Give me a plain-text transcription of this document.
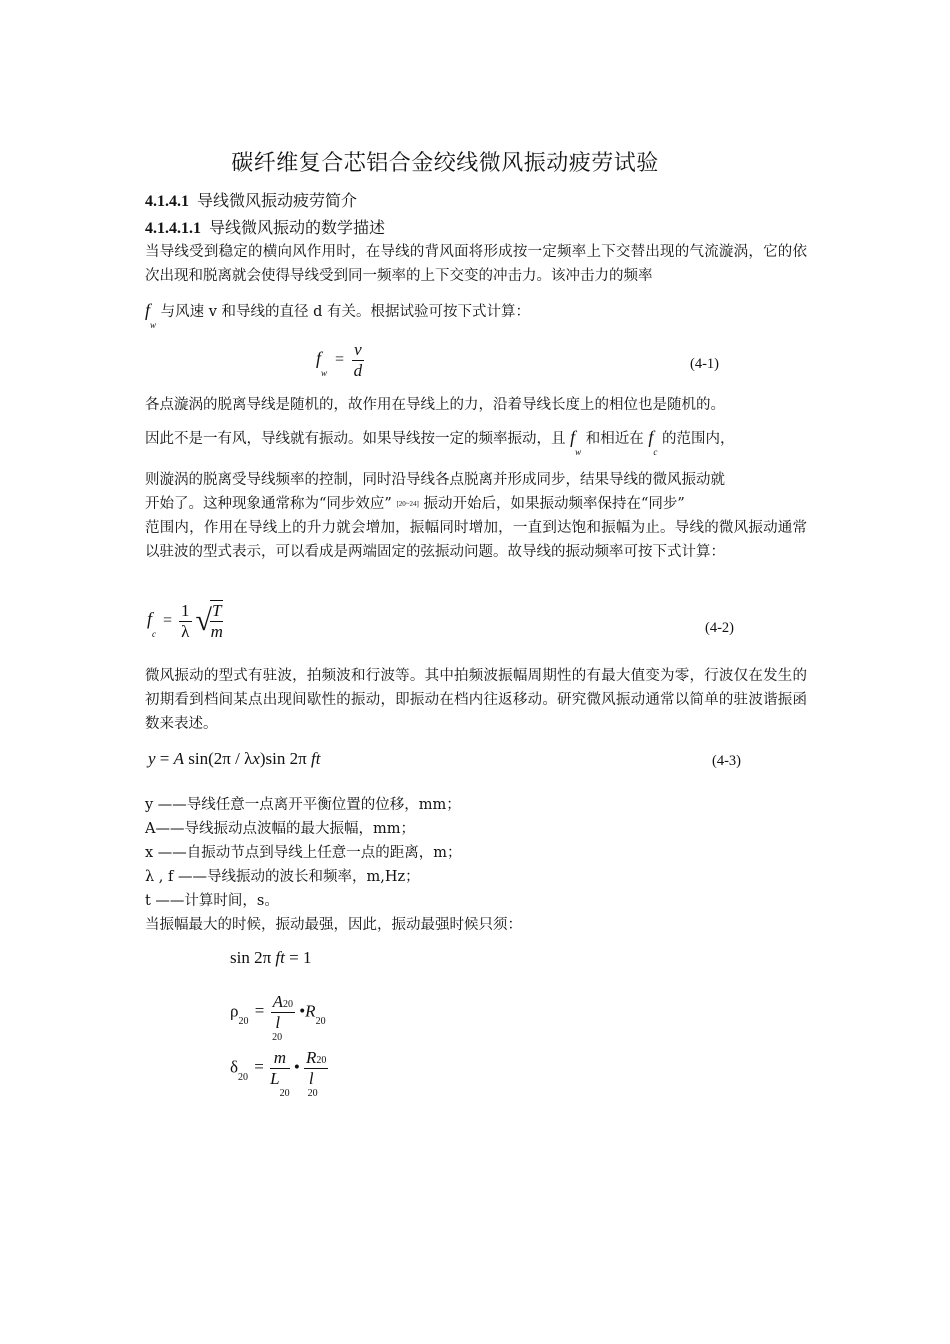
碳纤维复合芯铝合金绞线微风振动疲劳试验
4.1.4.1 导线微风振动疲劳简介
4.1.4.1.1 导线微风振动的数学描述
当导线受到稳定的横向风作用时，在导线的背风面将形成按一定频率上下交替出现的气流漩涡，它的依次出现和脱离就会使得导线受到同一频率的上下交变的冲击力。该冲击力的频率
$f_w$ 与风速 v 和导线的直径 d 有关。根据试验可按下式计算：
$f_w = \frac{v}{d}$	(4-1)
各点漩涡的脱离导线是随机的，故作用在导线上的力，沿着导线长度上的相位也是随机的。
因此不是一有风，导线就有振动。如果导线按一定的频率振动，且 $f_w$ 和相近在 $f_c$ 的范围内，
则漩涡的脱离受导线频率的控制，同时沿导线各点脱离并形成同步，结果导线的微风振动就
开始了。这种现象通常称为“同步效应” [20~24] 振动开始后，如果振动频率保持在“同步”
范围内，作用在导线上的升力就会增加，振幅同时增加，一直到达饱和振幅为止。导线的微风振动通常以驻波的型式表示，可以看成是两端固定的弦振动问题。故导线的振动频率可按下式计算：
$f_c = \frac{1}{\lambda}$ √
$\frac{T}{m}$	(4-2)
微风振动的型式有驻波，拍频波和行波等。其中拍频波振幅周期性的有最大值变为零，行波仅在发生的初期看到档间某点出现间歇性的振动，即振动在档内往返移动。研究微风振动通常以简单的驻波谐振函数来表述。
y = A sin(2π / λx)sin 2π ft	(4-3)
y ——导线任意一点离开平衡位置的位移，mm；
A——导线振动点波幅的最大振幅，mm；
x ——自振动节点到导线上任意一点的距离，m；
λ , f ——导线振动的波长和频率，m,Hz；
t ——计算时间，s。
当振幅最大的时候，振动最强，因此，振动最强时候只须：
sin 2π ft = 1
$\rho_{20} = \frac{A20}{l_{20}}$ $•R_{20}$
$\delta_{20} = \frac{m}{L_{20}}$ • $\frac{R20}{l_{20}}$
